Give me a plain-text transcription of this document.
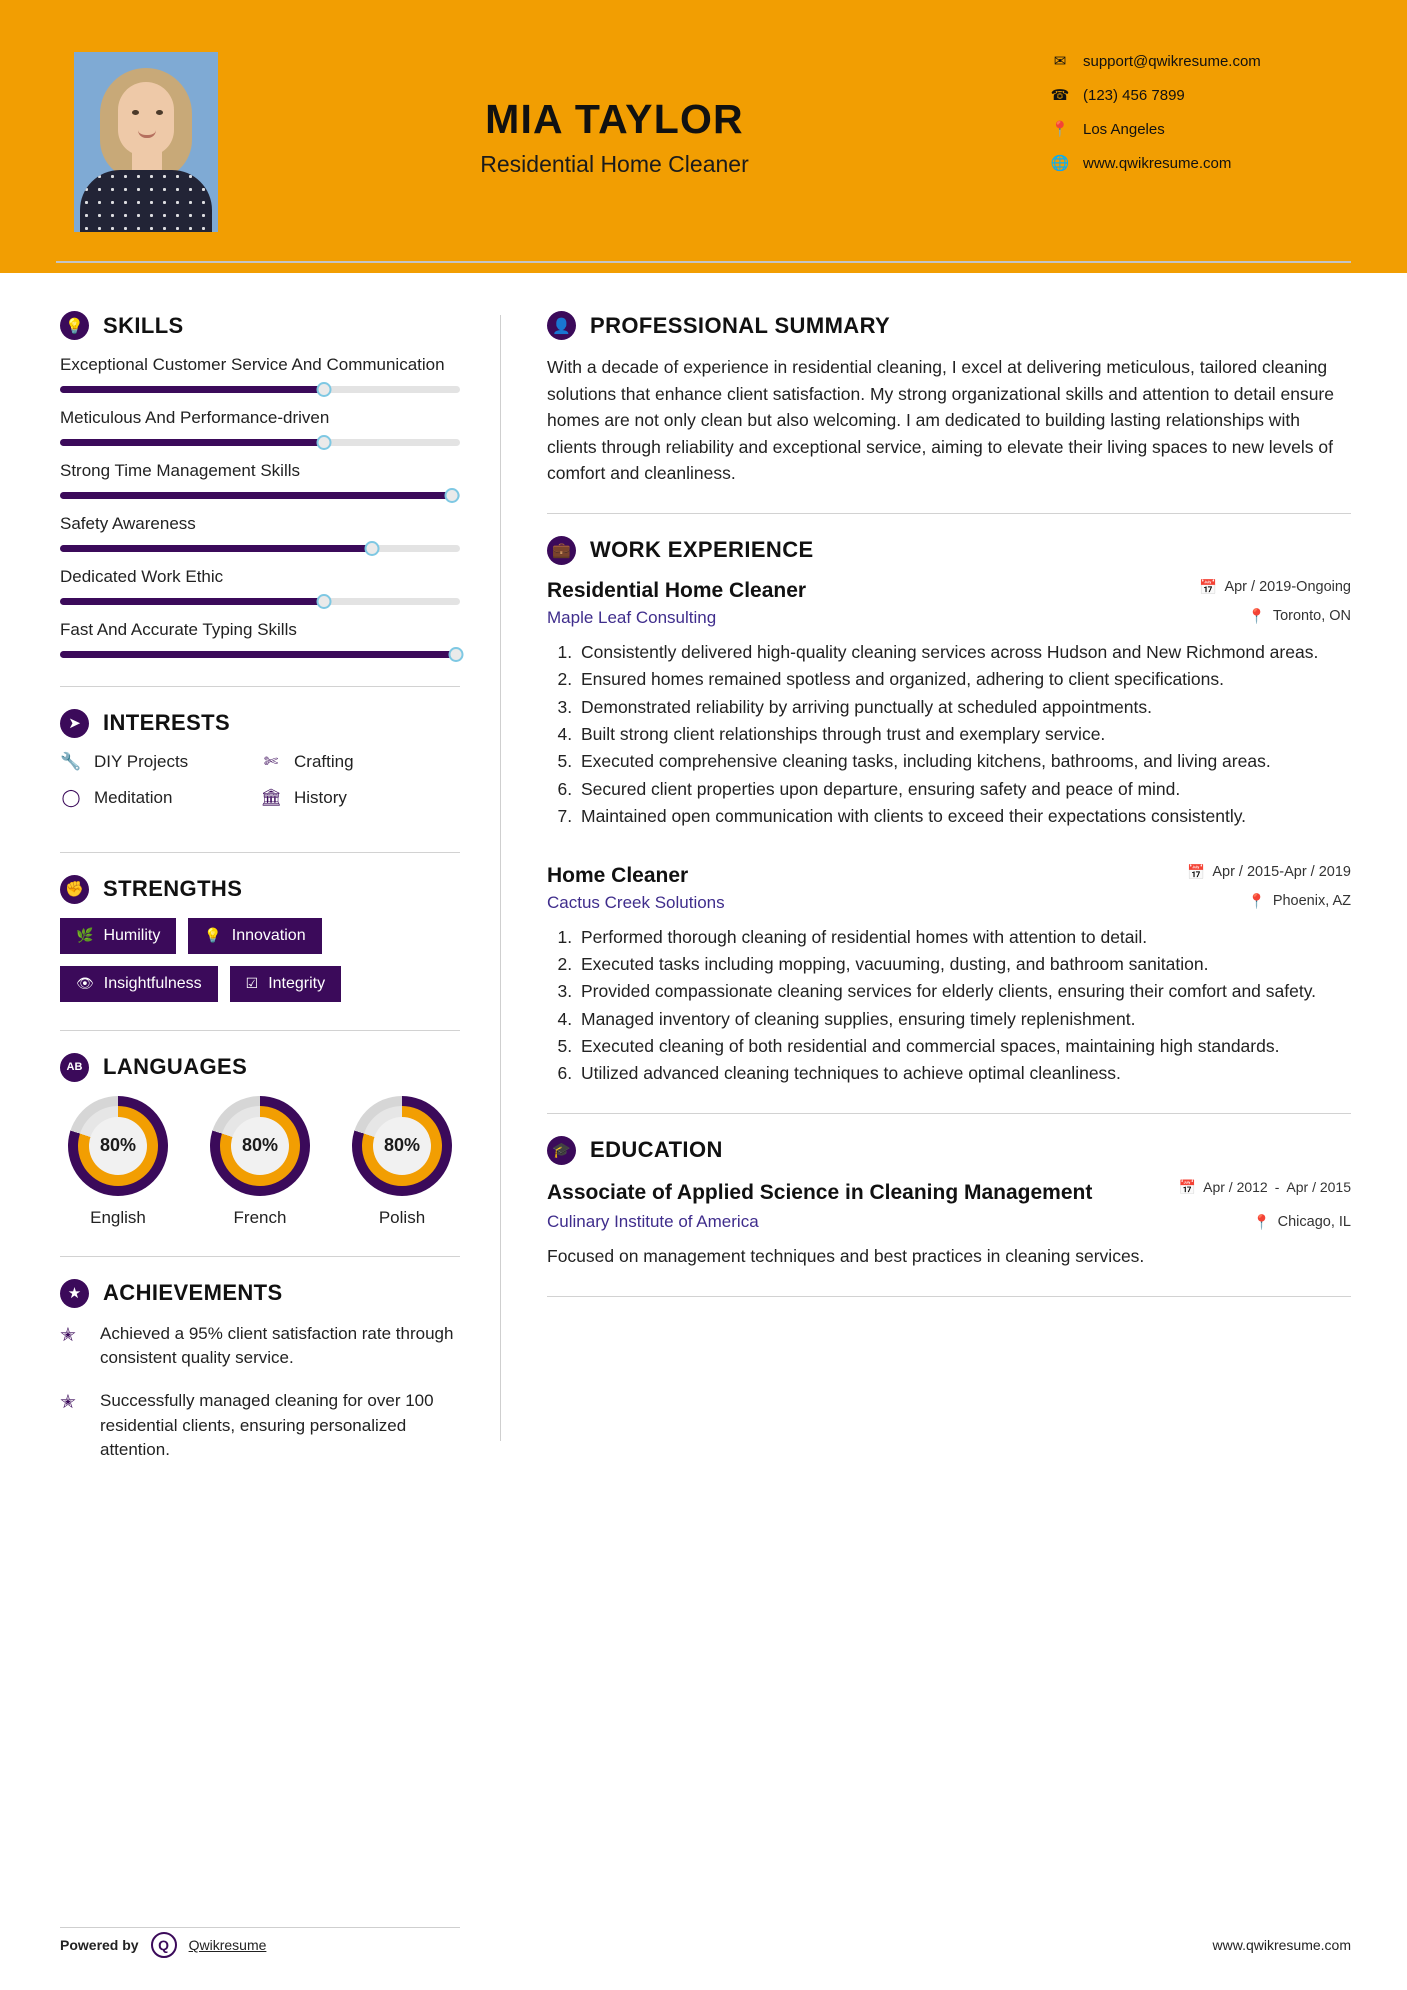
MIA TAYLOR
Residential Home Cleaner
✉ support@qwikresume.com
☎ (123) 456 7899
📍 Los Angeles
🌐 www.qwikresume.com
💡 SKILLS
Exceptional Customer Service And Communication
Meticulous And Performance-driven
Strong Time Management Skills
Safety Awareness
Dedicated Work Ethic
Fast And Accurate Typing Skills
➤	INTERESTS
🔧 DIY Projects	✄ Crafting
◯ Meditation	🏛 History
✊ STRENGTHS
🌿 Humility	💡 Innovation
👁 Insightfulness	☑ Integrity
AB LANGUAGES
80%
English
80%
French
80%
Polish
★ ACHIEVEMENTS
✭	Achieved a 95% client satisfaction rate through consistent quality service.
✭	Successfully managed cleaning for over 100 residential clients, ensuring personalized attention.
👤 PROFESSIONAL SUMMARY
With a decade of experience in residential cleaning, I excel at delivering meticulous, tailored cleaning solutions that enhance client satisfaction. My strong organizational skills and attention to detail ensure homes are not only clean but also welcoming. I am dedicated to building lasting relationships with clients through reliability and exceptional service, aiming to elevate their living spaces to new levels of comfort and cleanliness.
💼 WORK EXPERIENCE
Residential Home Cleaner	📅 Apr / 2019-Ongoing
Maple Leaf Consulting	📍 Toronto, ON
1. Consistently delivered high-quality cleaning services across Hudson and New Richmond areas.
2. Ensured homes remained spotless and organized, adhering to client specifications.
3. Demonstrated reliability by arriving punctually at scheduled appointments.
4. Built strong client relationships through trust and exemplary service.
5. Executed comprehensive cleaning tasks, including kitchens, bathrooms, and living areas.
6. Secured client properties upon departure, ensuring safety and peace of mind.
7. Maintained open communication with clients to exceed their expectations consistently.
Home Cleaner	📅 Apr / 2015-Apr / 2019
Cactus Creek Solutions	📍 Phoenix, AZ
1. Performed thorough cleaning of residential homes with attention to detail.
2. Executed tasks including mopping, vacuuming, dusting, and bathroom sanitation.
3. Provided compassionate cleaning services for elderly clients, ensuring their comfort and safety.
4. Managed inventory of cleaning supplies, ensuring timely replenishment.
5. Executed cleaning of both residential and commercial spaces, maintaining high standards.
6. Utilized advanced cleaning techniques to achieve optimal cleanliness.
🎓 EDUCATION
Associate of Applied Science in Cleaning Management	📅 Apr / 2012 - Apr / 2015
Culinary Institute of America	📍 Chicago, IL
Focused on management techniques and best practices in cleaning services.
Powered by	Q	Qwikresume	www.qwikresume.com
